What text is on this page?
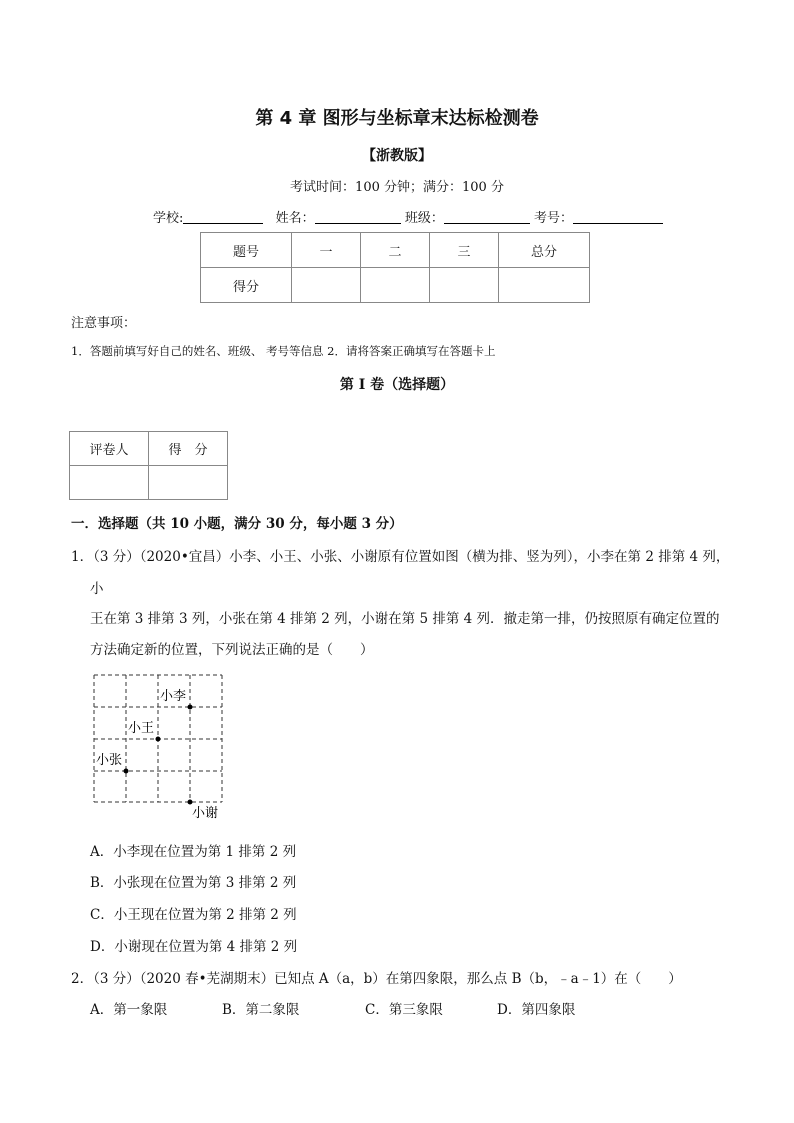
第 4 章 图形与坐标章末达标检测卷
【浙教版】
考试时间：100 分钟；满分：100 分
学校:	姓名：	班级：	考号：
题号	一	二	三	总分
得分				
注意事项：
1．答题前填写好自己的姓名、班级、 考号等信息 2．请将答案正确填写在答题卡上
第 I 卷（选择题）
评卷人	得　分

一．选择题（共 10 小题，满分 30 分，每小题 3 分）
1．（3 分）（2020•宜昌）小李、小王、小张、小谢原有位置如图（横为排、竖为列），小李在第 2 排第 4 列，
小
王在第 3 排第 3 列，小张在第 4 排第 2 列，小谢在第 5 排第 4 列．撤走第一排，仍按照原有确定位置的
方法确定新的位置，下列说法正确的是（　　）
小李
小王
小张
小谢
A．小李现在位置为第 1 排第 2 列
B．小张现在位置为第 3 排第 2 列
C．小王现在位置为第 2 排第 2 列
D．小谢现在位置为第 4 排第 2 列
2．（3 分）（2020 春•芜湖期末）已知点 A（a，b）在第四象限，那么点 B（b，﹣a﹣1）在（　　）
A．第一象限	B．第二象限	C．第三象限	D．第四象限
